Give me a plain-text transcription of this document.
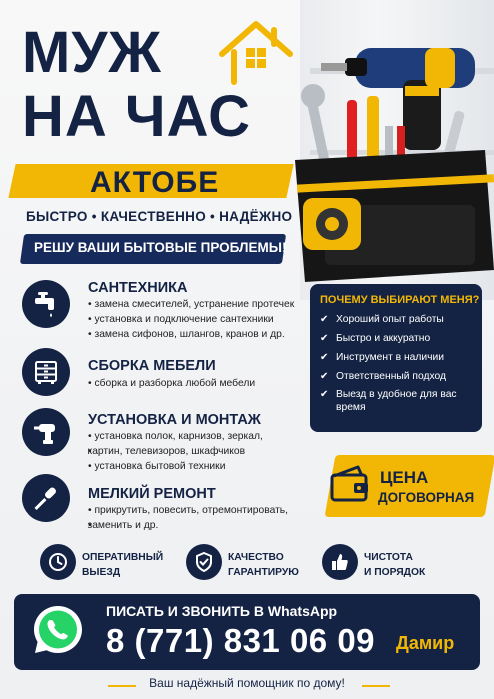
МУЖ
НА ЧАС
АКТОБЕ
БЫСТРО • КАЧЕСТВЕННО • НАДЁЖНО
РЕШУ ВАШИ БЫТОВЫЕ ПРОБЛЕМЫ!
САНТЕХНИКА
• замена смесителей, устранение протечек
• установка и подключение сантехники
• замена сифонов, шлангов, кранов и др.
СБОРКА МЕБЕЛИ
• сборка и разборка любой мебели
УСТАНОВКА И МОНТАЖ
• установка полок, карнизов, зеркал,
• картин, телевизоров, шкафчиков
• установка бытовой техники
МЕЛКИЙ РЕМОНТ
• прикрутить, повесить, отремонтировать,
• заменить и др.
ПОЧЕМУ ВЫБИРАЮТ МЕНЯ?
✔ Хороший опыт работы
✔ Быстро и аккуратно
✔ Инструмент в наличии
✔ Ответственный подход
✔ Выезд в удобное для вас время
ЦЕНА
ДОГОВОРНАЯ
ОПЕРАТИВНЫЙ
ВЫЕЗД
КАЧЕСТВО
ГАРАНТИРУЮ
ЧИСТОТА
И ПОРЯДОК
ПИСАТЬ И ЗВОНИТЬ В WhatsApp
8 (771) 831 06 09 Дамир
Ваш надёжный помощник по дому!
